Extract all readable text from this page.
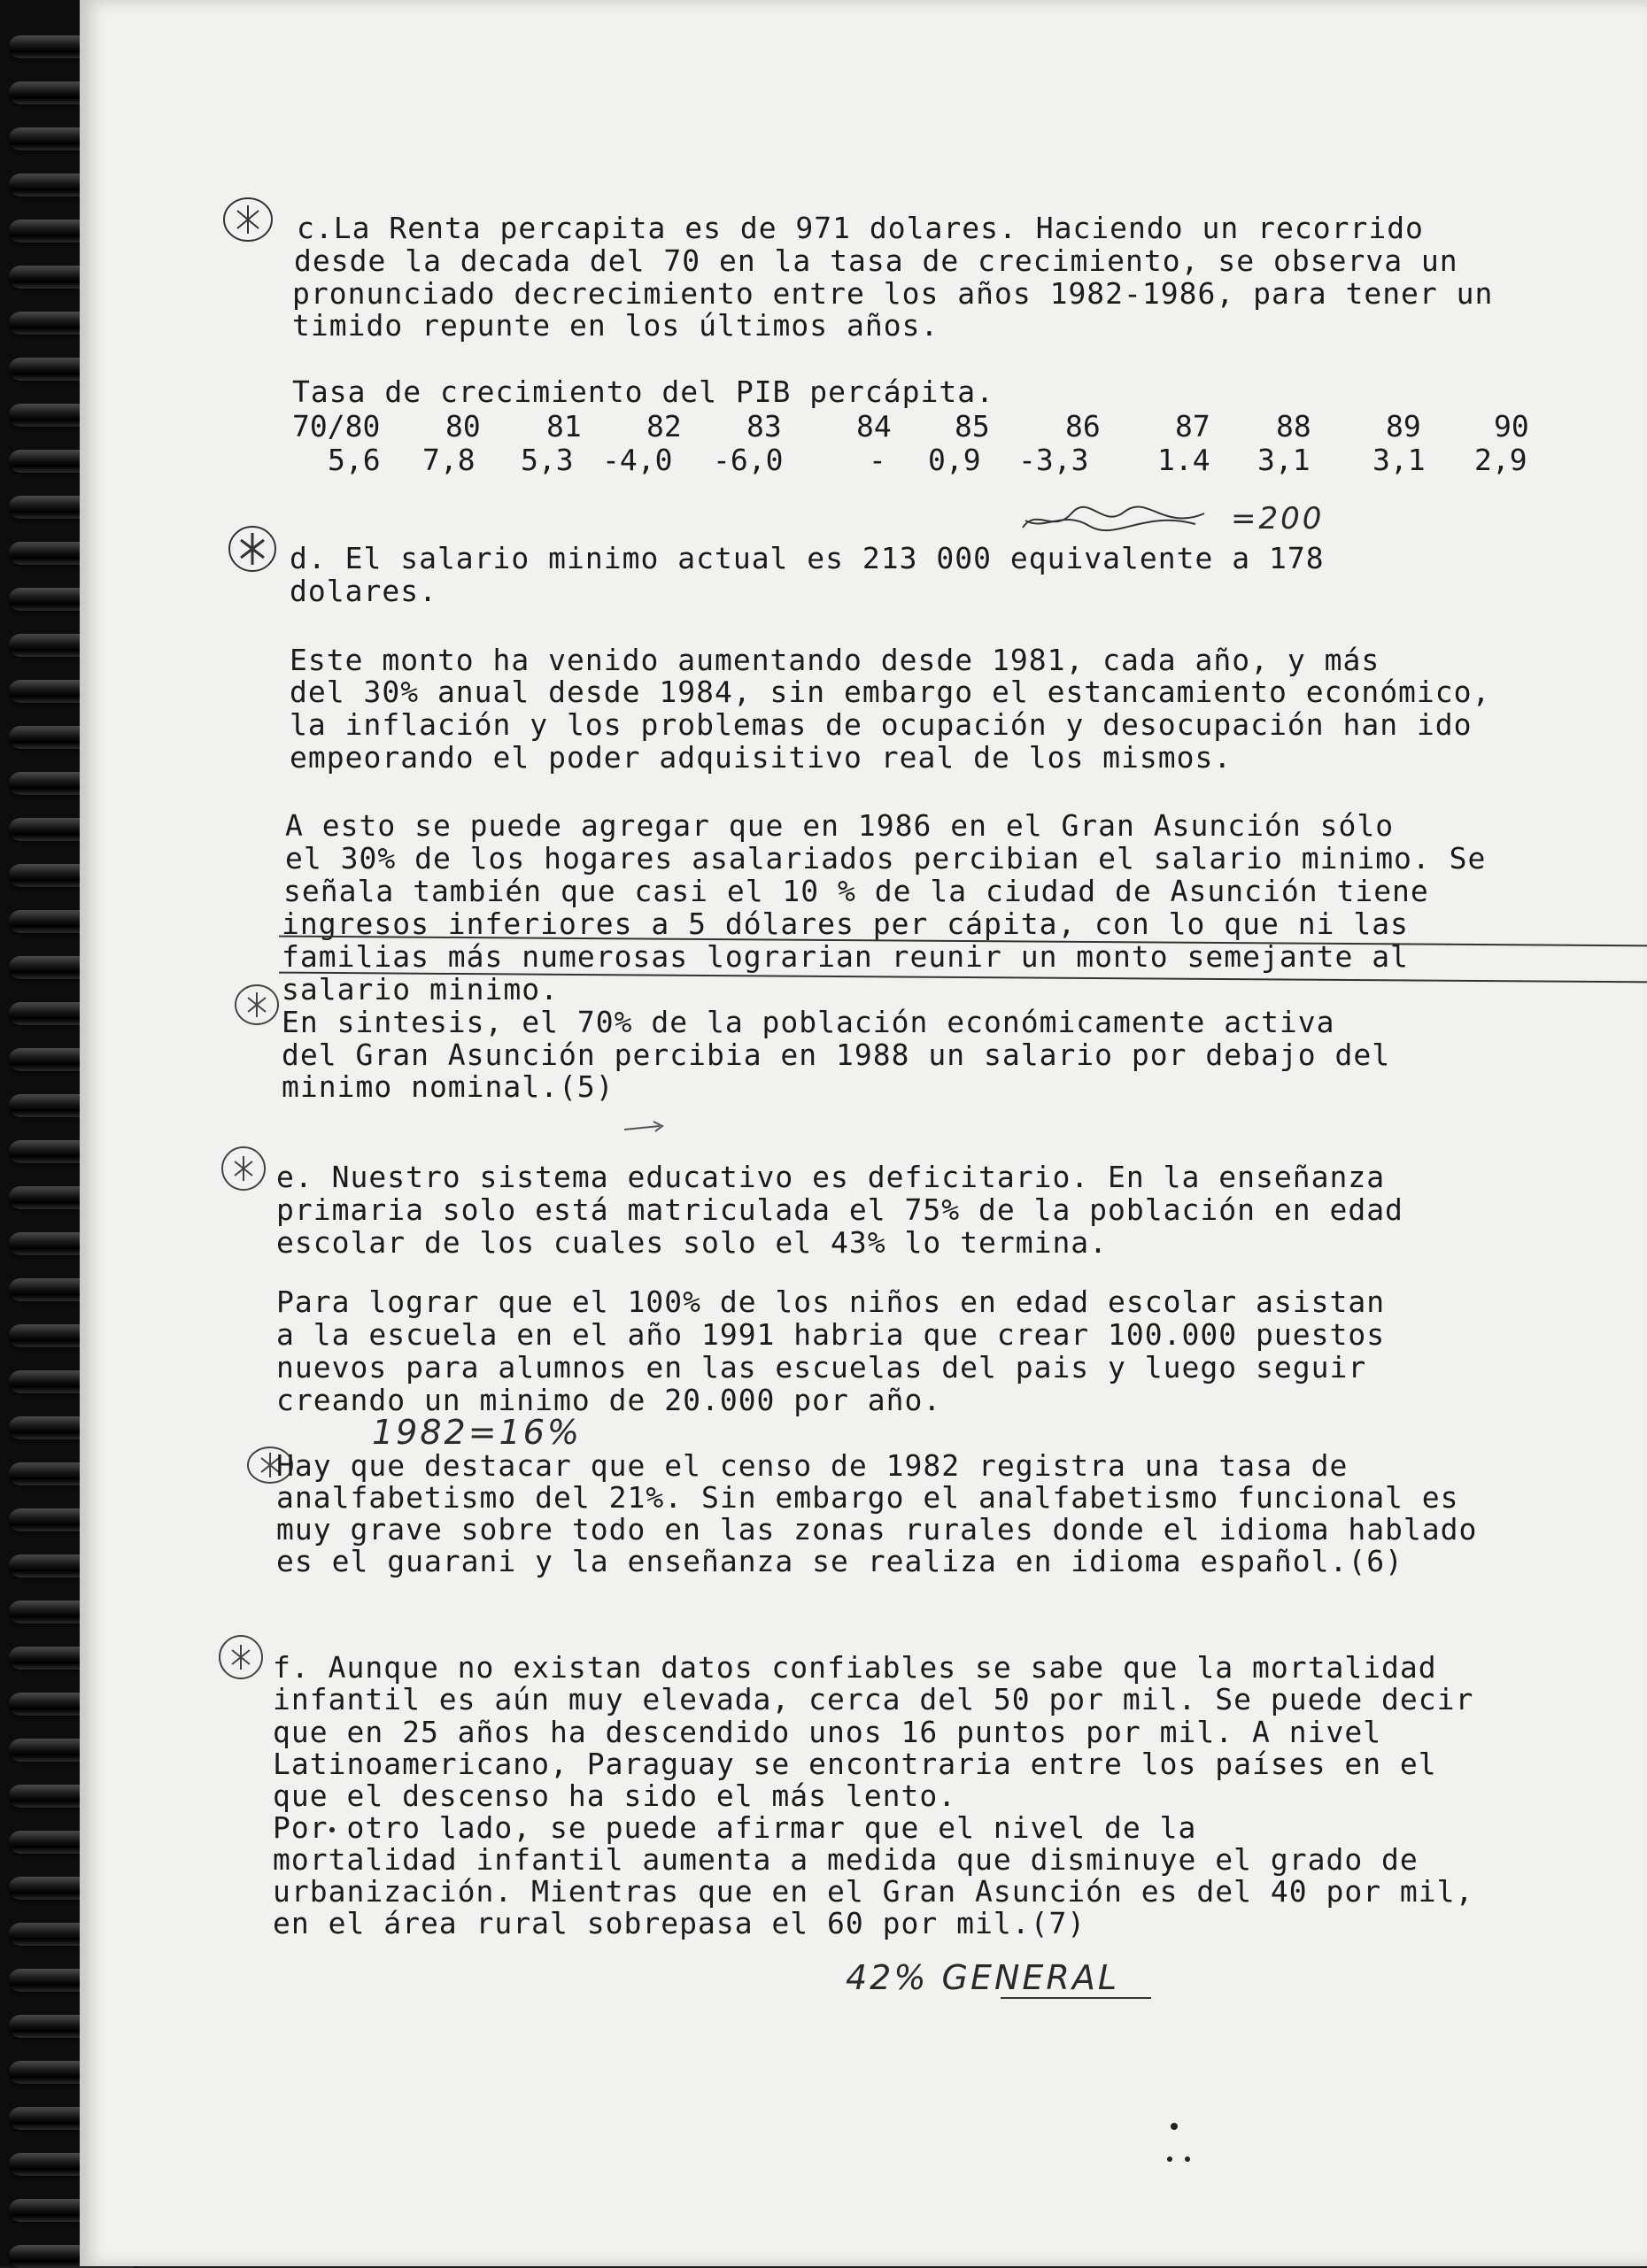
c.La Renta percapita es de 971 dolares. Haciendo un recorrido
desde la decada del 70 en la tasa de crecimiento, se observa un
pronunciado decrecimiento entre los años 1982-1986, para tener un
timido repunte en los últimos años.
Tasa de crecimiento del PIB percápita.
70/80 80 81 82 83	84 85	86	87 88	89 90
5,6 7,8 5,3 -4,0 -6,0	- 0,9 -3,3 1.4 3,1 3,1 2,9
=200
d. El salario minimo actual es 213 000 equivalente a 178
dolares.
Este monto ha venido aumentando desde 1981, cada año, y más
del 30% anual desde 1984, sin embargo el estancamiento económico,
la inflación y los problemas de ocupación y desocupación han ido
empeorando el poder adquisitivo real de los mismos.
A esto se puede agregar que en 1986 en el Gran Asunción sólo
el 30% de los hogares asalariados percibian el salario minimo. Se
señala también que casi el 10 % de la ciudad de Asunción tiene
ingresos inferiores a 5 dólares per cápita, con lo que ni las
familias más numerosas lograrian reunir un monto semejante al
salario minimo.
En sintesis, el 70% de la población económicamente activa
del Gran Asunción percibia en 1988 un salario por debajo del
minimo nominal.(5)
e. Nuestro sistema educativo es deficitario. En la enseñanza
primaria solo está matriculada el 75% de la población en edad
escolar de los cuales solo el 43% lo termina.
Para lograr que el 100% de los niños en edad escolar asistan
a la escuela en el año 1991 habria que crear 100.000 puestos
nuevos para alumnos en las escuelas del pais y luego seguir
creando un minimo de 20.000 por año.
1982=16%
Hay que destacar que el censo de 1982 registra una tasa de
analfabetismo del 21%. Sin embargo el analfabetismo funcional es
muy grave sobre todo en las zonas rurales donde el idioma hablado
es el guarani y la enseñanza se realiza en idioma español.(6)
f. Aunque no existan datos confiables se sabe que la mortalidad
infantil es aún muy elevada, cerca del 50 por mil. Se puede decir
que en 25 años ha descendido unos 16 puntos por mil. A nivel
Latinoamericano, Paraguay se encontraria entre los países en el
que el descenso ha sido el más lento.
Por otro lado, se puede afirmar que el nivel de la
mortalidad infantil aumenta a medida que disminuye el grado de
urbanización. Mientras que en el Gran Asunción es del 40 por mil,
en el área rural sobrepasa el 60 por mil.(7)
42% GENERAL
